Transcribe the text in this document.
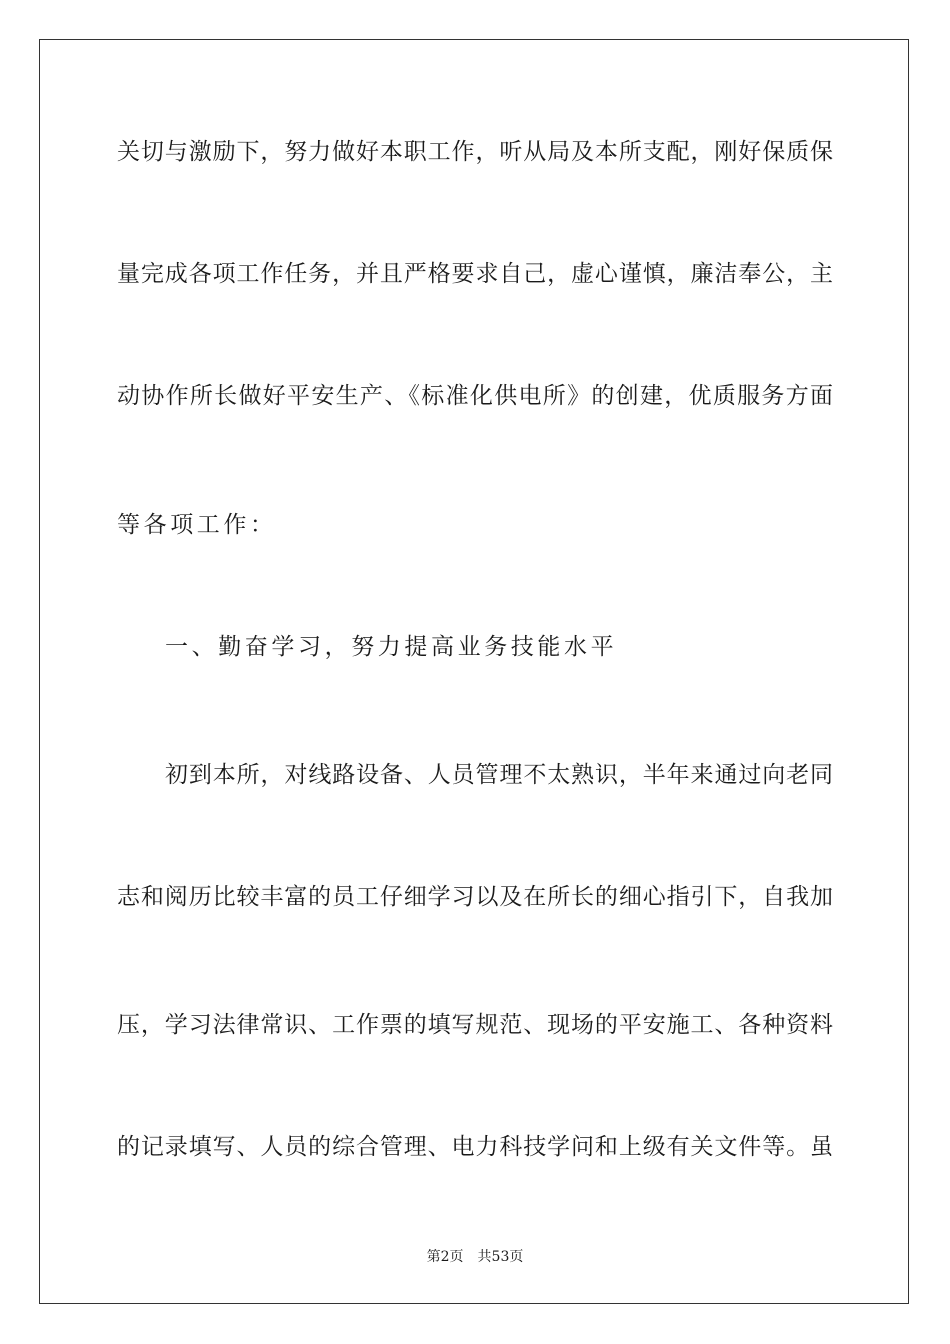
关切与激励下，努力做好本职工作，听从局及本所支配，刚好保质保
量完成各项工作任务，并且严格要求自己，虚心谨慎，廉洁奉公，主
动协作所长做好平安生产、《标准化供电所》的创建，优质服务方面
等各项工作：
一、勤奋学习，努力提高业务技能水平
初到本所，对线路设备、人员管理不太熟识，半年来通过向老同
志和阅历比较丰富的员工仔细学习以及在所长的细心指引下，自我加
压，学习法律常识、工作票的填写规范、现场的平安施工、各种资料
的记录填写、人员的综合管理、电力科技学问和上级有关文件等。虽
第2页 共53页
